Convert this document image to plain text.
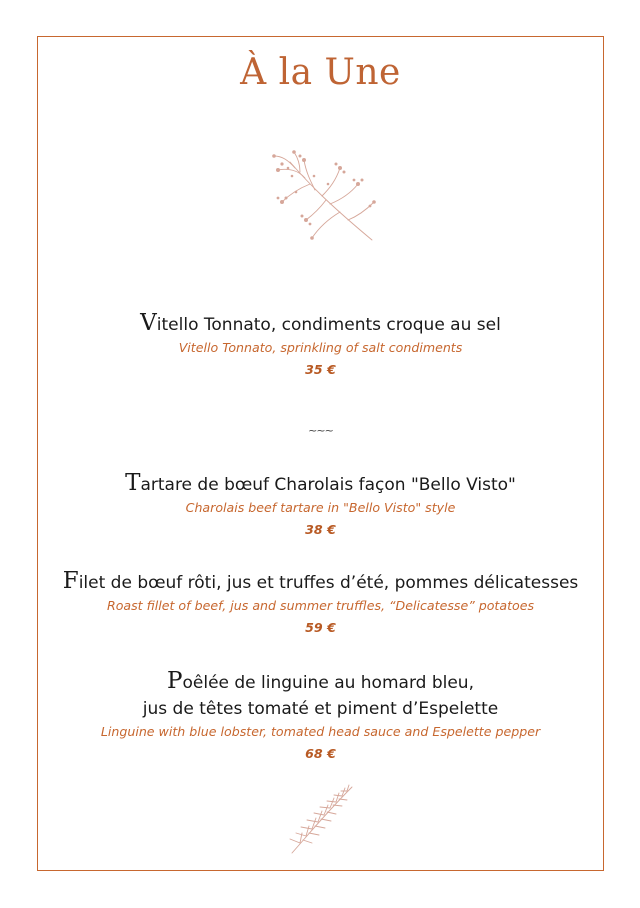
À la Une
Vitello Tonnato, condiments croque au sel
Vitello Tonnato, sprinkling of salt condiments
35 €
~~~
Tartare de bœuf Charolais façon "Bello Visto"
Charolais beef tartare in "Bello Visto" style
38 €
Filet de bœuf rôti, jus et truffes d’été, pommes délicatesses
Roast fillet of beef, jus and summer truffles, “Delicatesse” potatoes
59 €
Poêlée de linguine au homard bleu,
jus de têtes tomaté et piment d’Espelette
Linguine with blue lobster, tomated head sauce and Espelette pepper
68 €
